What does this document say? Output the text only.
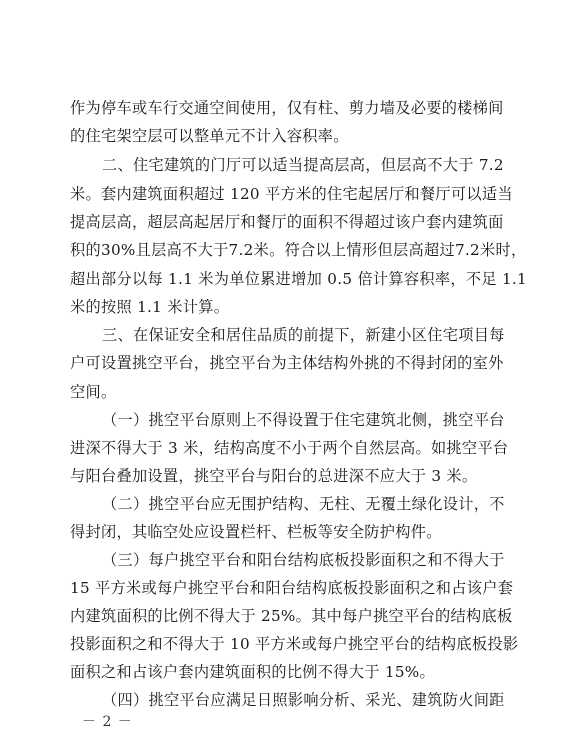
作为停车或车行交通空间使用，仅有柱、剪力墙及必要的楼梯间
的住宅架空层可以整单元不计入容积率。
二、住宅建筑的门厅可以适当提高层高，但层高不大于 7.2
米。套内建筑面积超过 120 平方米的住宅起居厅和餐厅可以适当
提高层高，超层高起居厅和餐厅的面积不得超过该户套内建筑面
积的30%且层高不大于7.2米。符合以上情形但层高超过7.2米时，
超出部分以每 1.1 米为单位累进增加 0.5 倍计算容积率，不足 1.1
米的按照 1.1 米计算。
三、在保证安全和居住品质的前提下，新建小区住宅项目每
户可设置挑空平台，挑空平台为主体结构外挑的不得封闭的室外
空间。
（一）挑空平台原则上不得设置于住宅建筑北侧，挑空平台
进深不得大于 3 米，结构高度不小于两个自然层高。如挑空平台
与阳台叠加设置，挑空平台与阳台的总进深不应大于 3 米。
（二）挑空平台应无围护结构、无柱、无覆土绿化设计，不
得封闭，其临空处应设置栏杆、栏板等安全防护构件。
（三）每户挑空平台和阳台结构底板投影面积之和不得大于
15 平方米或每户挑空平台和阳台结构底板投影面积之和占该户套
内建筑面积的比例不得大于 25%。其中每户挑空平台的结构底板
投影面积之和不得大于 10 平方米或每户挑空平台的结构底板投影
面积之和占该户套内建筑面积的比例不得大于 15%。
（四）挑空平台应满足日照影响分析、采光、建筑防火间距
－ 2 －
